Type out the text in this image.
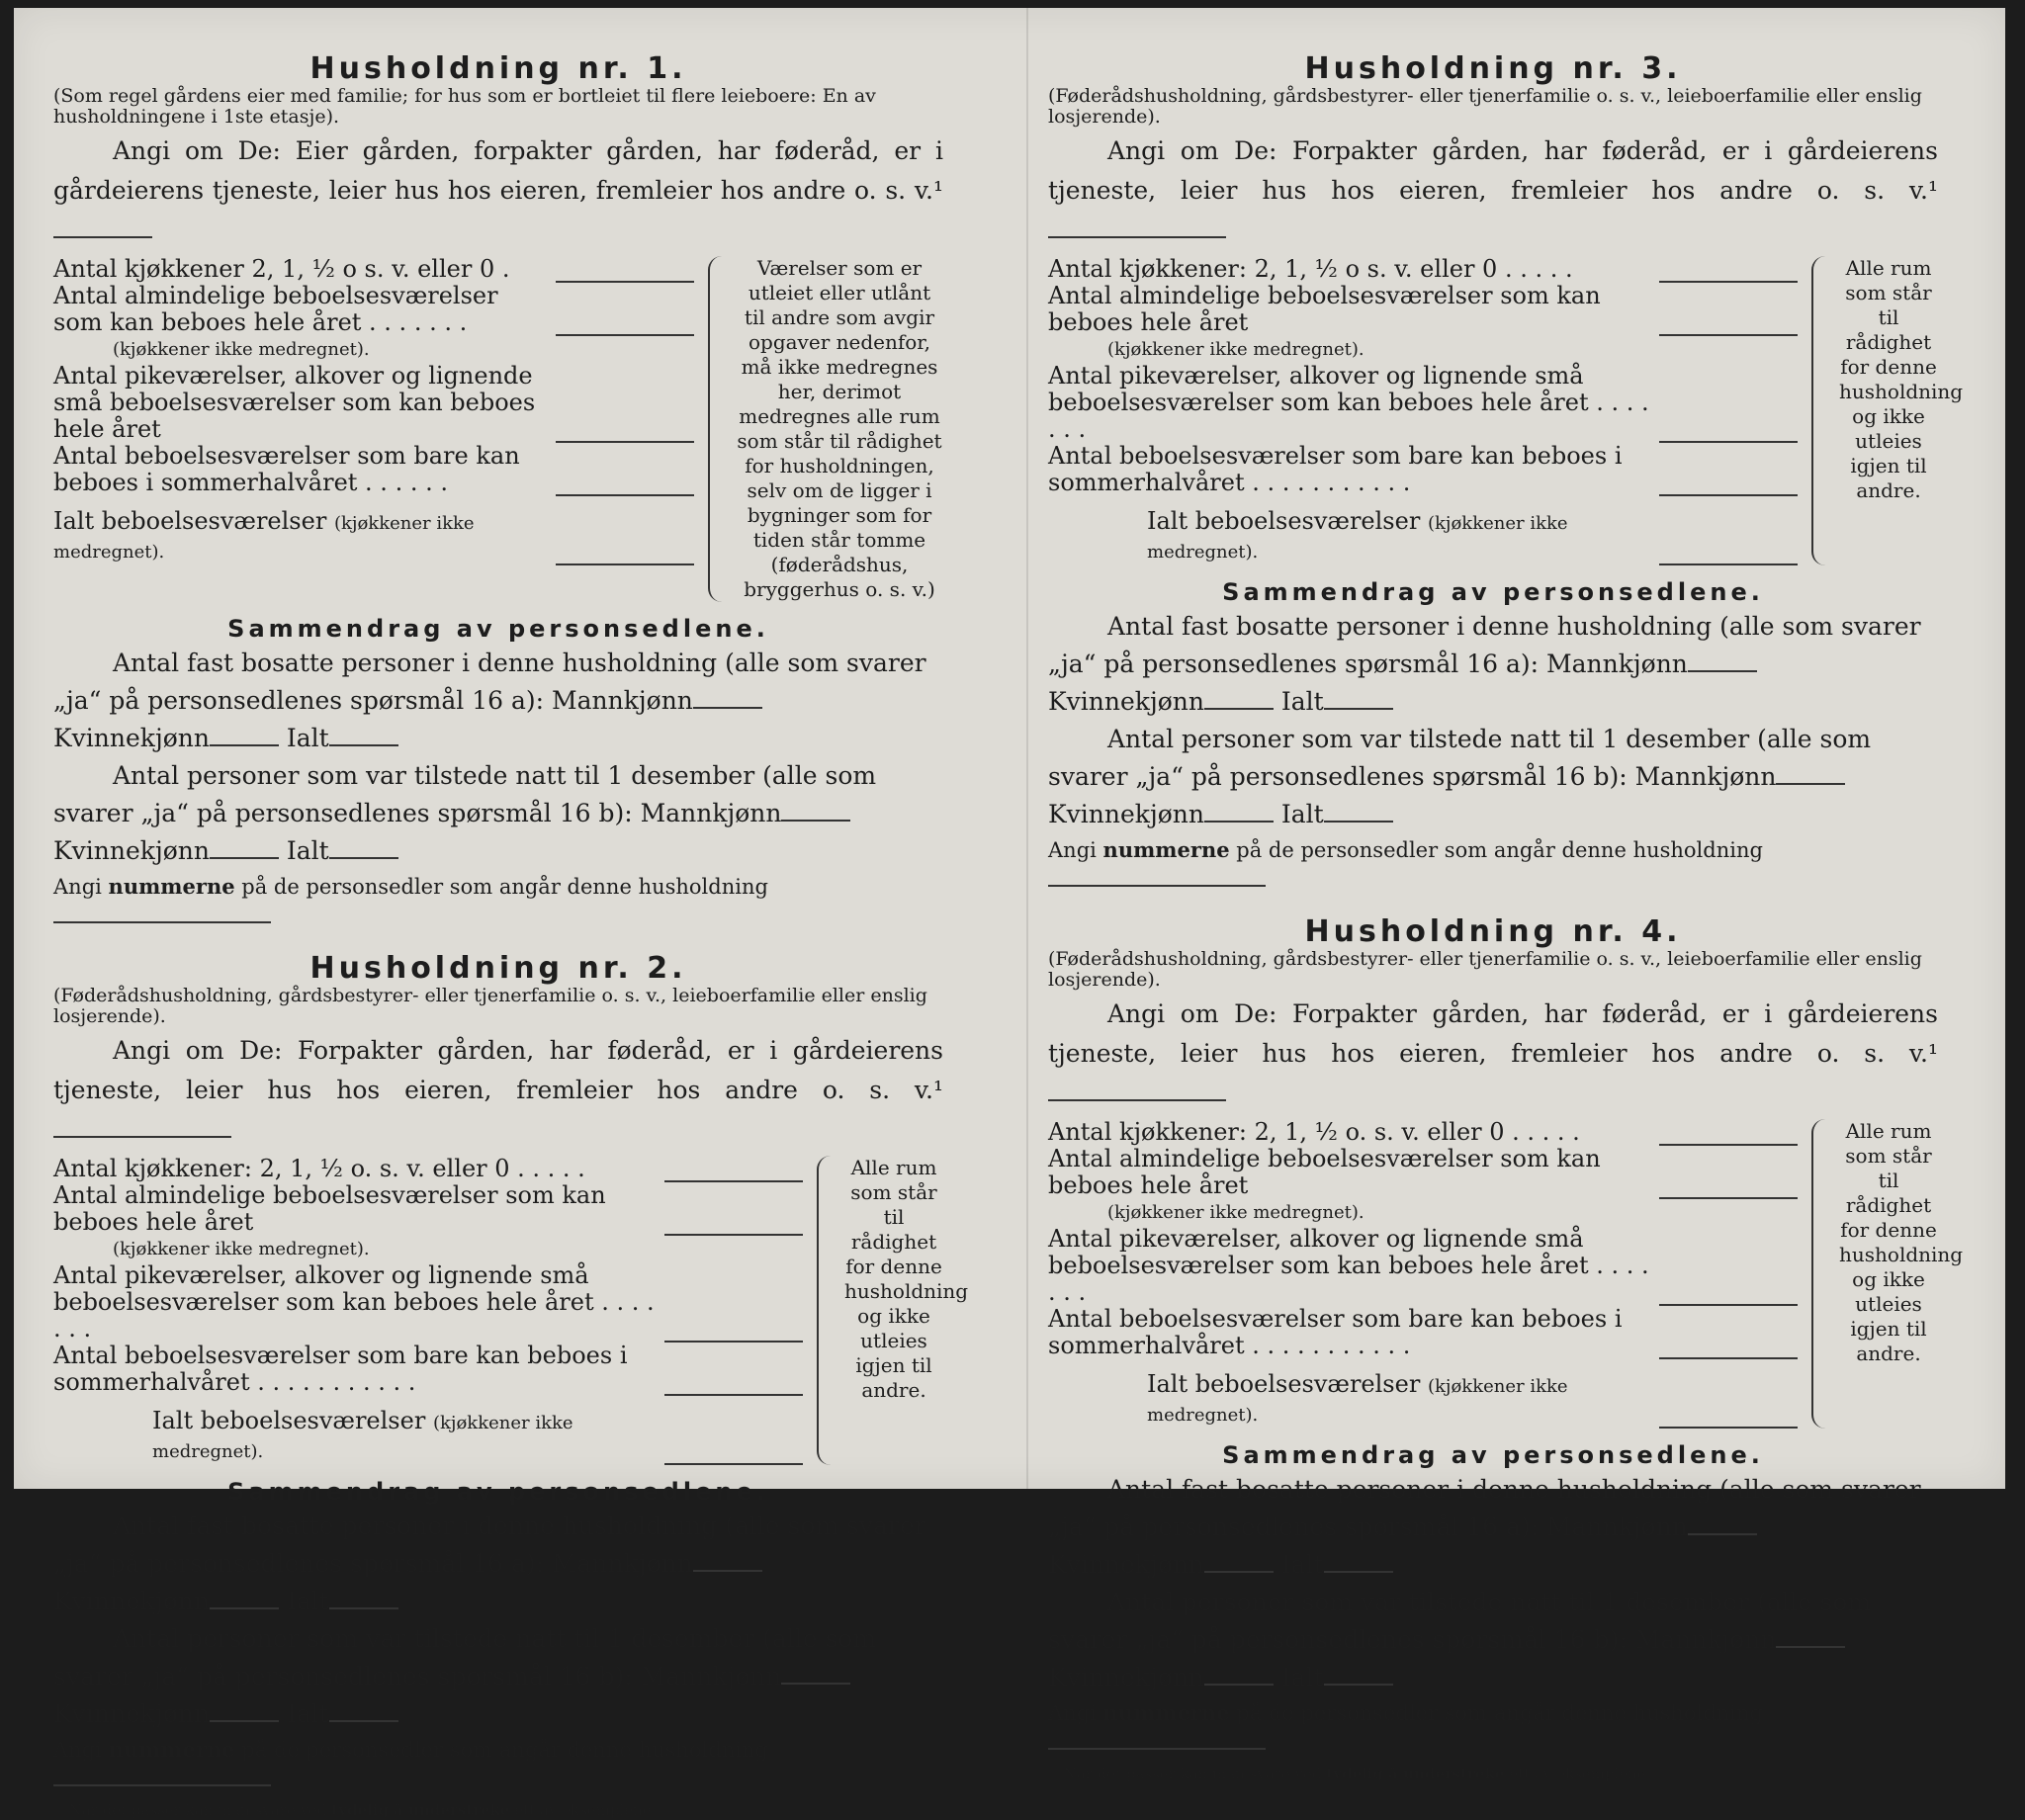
Husholdning nr. 1.
(Som regel gårdens eier med familie; for hus som er bortleiet til flere leieboere: En av husholdningene i 1ste etasje).

Angi om De: Eier gården, forpakter gården, har føderåd, er i gårdeierens tjeneste, leier hus hos eieren, fremleier hos andre o. s. v.¹

Antal kjøkkener 2, 1, ½ o s. v. eller 0 .
Antal almindelige beboelsesværelser som kan beboes hele året . . . . . . .
(kjøkkener ikke medregnet).
Antal pikeværelser, alkover og lignende små beboelsesværelser som kan beboes hele året
Antal beboelsesværelser som bare kan beboes i sommerhalvåret . . . . . .
Ialt beboelsesværelser (kjøkkener ikke medregnet).
Værelser som er utleiet eller utlånt til andre som avgir opgaver nedenfor, må ikke medregnes her, derimot medregnes alle rum som står til rådighet for husholdningen, selv om de ligger i bygninger som for tiden står tomme (føderådshus, bryggerhus o. s. v.)
Sammendrag av personsedlene.

Antal fast bosatte personer i denne husholdning (alle som svarer „ja“ på personsedlenes spørsmål 16 a): Mannkjønn Kvinnekjønn	Ialt

Antal personer som var tilstede natt til 1 desember (alle som svarer „ja“ på personsedlenes spørsmål 16 b): Mannkjønn Kvinnekjønn	Ialt

Angi nummerne på de personsedler som angår denne husholdning

Husholdning nr. 2.
(Føderådshusholdning, gårdsbestyrer- eller tjenerfamilie o. s. v., leieboerfamilie eller enslig losjerende).

Angi om De: Forpakter gården, har føderåd, er i gårdeierens tjeneste, leier hus hos eieren, fremleier hos andre o. s. v.¹

Antal kjøkkener: 2, 1, ½ o. s. v. eller 0 . . . . .
Antal almindelige beboelsesværelser som kan beboes hele året
(kjøkkener ikke medregnet).
Antal pikeværelser, alkover og lignende små beboelsesværelser som kan beboes hele året . . . . . . .
Antal beboelsesværelser som bare kan beboes i sommerhalvåret . . . . . . . . . . .
Ialt beboelsesværelser (kjøkkener ikke medregnet).
Alle rum som står til rådighet for denne husholdning og ikke utleies igjen til andre.
Sammendrag av personsedlene.

Antal fast bosatte personer i denne husholdning (alle som svarer „ja“ på personsedlenes spørsmål 16 a): Mannkjønn Kvinnekjønn	Ialt

Antal personer som var tilstede natt til 1 desember (alle som svarer „ja“ på personsedlenes spørsmål 16 b): Mannkjønn Kvinnekjønn	Ialt

Angi nummerne på de personsedler som angår denne husholdning

¹ Når det passer kan man svare ved tydelig å understreke ett av eksemplene.
Husholdning nr. 3.
(Føderådshusholdning, gårdsbestyrer- eller tjenerfamilie o. s. v., leieboerfamilie eller enslig losjerende).

Angi om De: Forpakter gården, har føderåd, er i gårdeierens tjeneste, leier hus hos eieren, fremleier hos andre o. s. v.¹

Antal kjøkkener: 2, 1, ½ o s. v. eller 0 . . . . .
Antal almindelige beboelsesværelser som kan beboes hele året
(kjøkkener ikke medregnet).
Antal pikeværelser, alkover og lignende små beboelsesværelser som kan beboes hele året . . . . . . .
Antal beboelsesværelser som bare kan beboes i sommerhalvåret . . . . . . . . . . .
Ialt beboelsesværelser (kjøkkener ikke medregnet).
Alle rum som står til rådighet for denne husholdning og ikke utleies igjen til andre.
Sammendrag av personsedlene.

Antal fast bosatte personer i denne husholdning (alle som svarer „ja“ på personsedlenes spørsmål 16 a): Mannkjønn Kvinnekjønn	Ialt

Antal personer som var tilstede natt til 1 desember (alle som svarer „ja“ på personsedlenes spørsmål 16 b): Mannkjønn Kvinnekjønn	Ialt

Angi nummerne på de personsedler som angår denne husholdning

Husholdning nr. 4.
(Føderådshusholdning, gårdsbestyrer- eller tjenerfamilie o. s. v., leieboerfamilie eller enslig losjerende).

Angi om De: Forpakter gården, har føderåd, er i gårdeierens tjeneste, leier hus hos eieren, fremleier hos andre o. s. v.¹

Antal kjøkkener: 2, 1, ½ o. s. v. eller 0 . . . . .
Antal almindelige beboelsesværelser som kan beboes hele året
(kjøkkener ikke medregnet).
Antal pikeværelser, alkover og lignende små beboelsesværelser som kan beboes hele året . . . . . . .
Antal beboelsesværelser som bare kan beboes i sommerhalvåret . . . . . . . . . . .
Ialt beboelsesværelser (kjøkkener ikke medregnet).
Alle rum som står til rådighet for denne husholdning og ikke utleies igjen til andre.
Sammendrag av personsedlene.

Antal fast bosatte personer i denne husholdning (alle som svarer „ja“ på personsedlenes spørsmål 16 a): Mannkjønn Kvinnekjønn	Ialt

Antal personer som var tilstede natt til 1 desember (alle som svarer „ja“ på personsedlenes spørsmål 16 b): Mannkjønn Kvinnekjønn	Ialt

Angi nummerne på de personsedler som angår denne husholdning

¹ Når det passer kan man svare ved tydelig å understreke ett av eksemplene.
